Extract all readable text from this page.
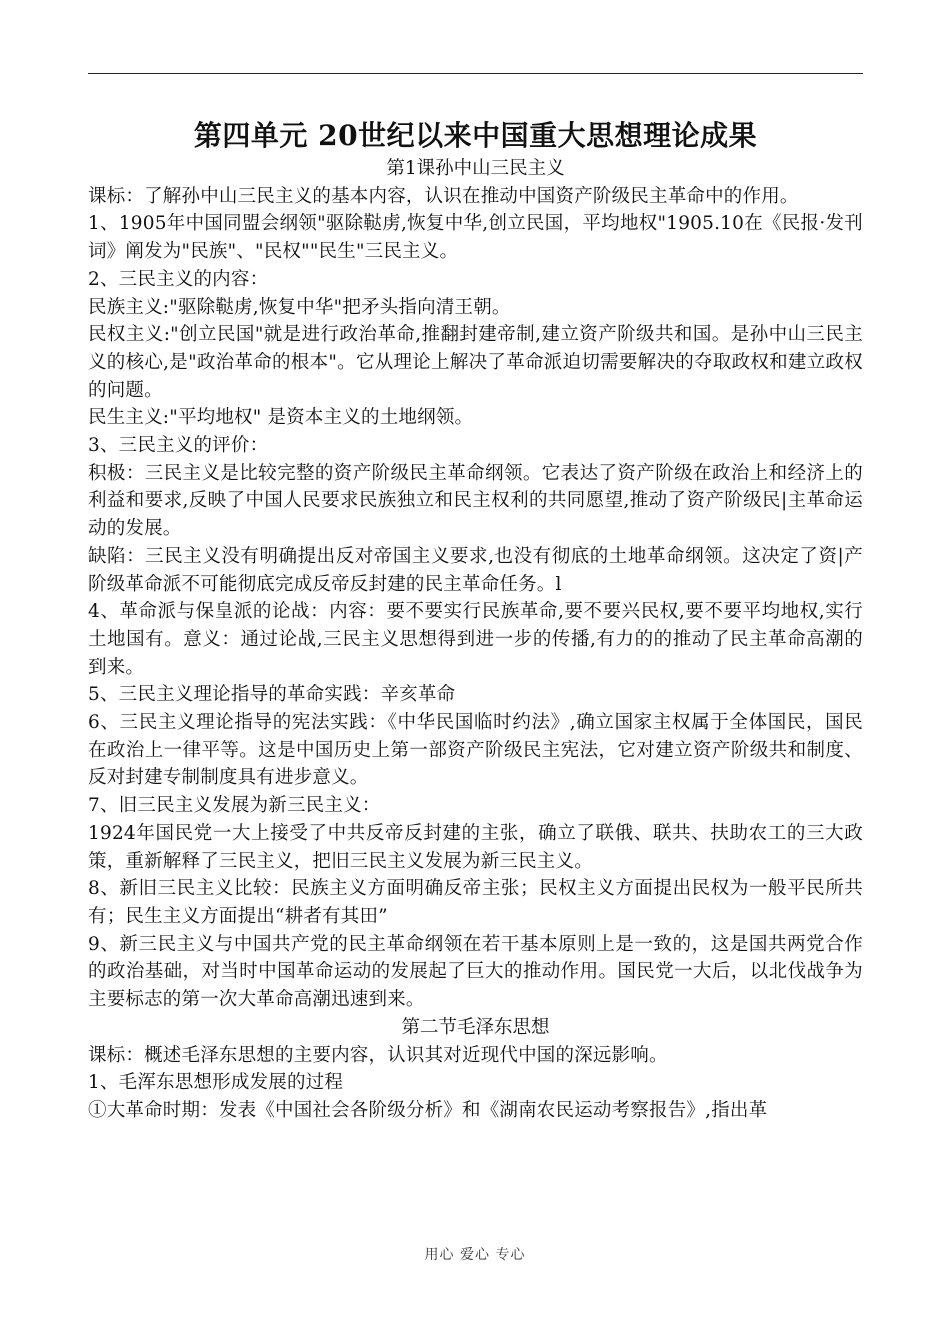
第四单元 20世纪以来中国重大思想理论成果
第1课孙中山三民主义

课标：了解孙中山三民主义的基本内容，认识在推动中国资产阶级民主革命中的作用。

1、1905年中国同盟会纲领"驱除鞑虏,恢复中华,创立民国，平均地权"1905.10在《民报·发刊词》阐发为"民族"、"民权""民生"三民主义。

2、三民主义的内容：

民族主义:"驱除鞑虏,恢复中华"把矛头指向清王朝。

民权主义:"创立民国"就是进行政治革命,推翻封建帝制,建立资产阶级共和国。是孙中山三民主义的核心,是"政治革命的根本"。它从理论上解决了革命派迫切需要解决的夺取政权和建立政权的问题。

民生主义:"平均地权" 是资本主义的土地纲领。

3、三民主义的评价：

积极：三民主义是比较完整的资产阶级民主革命纲领。它表达了资产阶级在政治上和经济上的利益和要求,反映了中国人民要求民族独立和民主权利的共同愿望,推动了资产阶级民|主革命运动的发展。

缺陷：三民主义没有明确提出反对帝国主义要求,也没有彻底的土地革命纲领。这决定了资|产阶级革命派不可能彻底完成反帝反封建的民主革命任务。l

4、革命派与保皇派的论战：内容：要不要实行民族革命,要不要兴民权,要不要平均地权,实行土地国有。意义：通过论战,三民主义思想得到进一步的传播,有力的的推动了民主革命高潮的到来。

5、三民主义理论指导的革命实践：辛亥革命

6、三民主义理论指导的宪法实践：《中华民国临时约法》,确立国家主权属于全体国民，国民在政治上一律平等。这是中国历史上第一部资产阶级民主宪法，它对建立资产阶级共和制度、反对封建专制制度具有进步意义。

7、旧三民主义发展为新三民主义：

1924年国民党一大上接受了中共反帝反封建的主张，确立了联俄、联共、扶助农工的三大政策，重新解释了三民主义，把旧三民主义发展为新三民主义。

8、新旧三民主义比较：民族主义方面明确反帝主张；民权主义方面提出民权为一般平民所共有；民生主义方面提出“耕者有其田”

9、新三民主义与中国共产党的民主革命纲领在若干基本原则上是一致的，这是国共两党合作的政治基础，对当时中国革命运动的发展起了巨大的推动作用。国民党一大后，以北伐战争为主要标志的第一次大革命高潮迅速到来。

第二节毛泽东思想

课标：概述毛泽东思想的主要内容，认识其对近现代中国的深远影响。

1、毛浑东思想形成发展的过程

①大革命时期：发表《中国社会各阶级分析》和《湖南农民运动考察报告》,指出革

用心 爱心 专心
